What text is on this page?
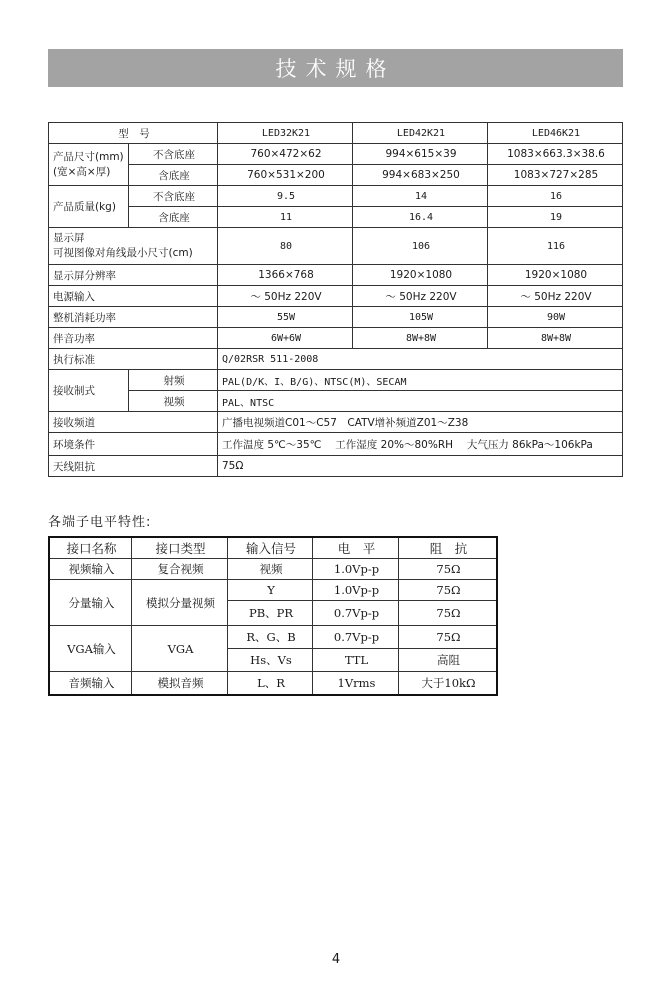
技术规格
型　号		LED32K21	LED42K21	LED46K21
产品尺寸(mm)
(宽×高×厚)	不含底座	760×472×62	994×615×39	1083×663.3×38.6
	含底座	760×531×200	994×683×250	1083×727×285
产品质量(kg)	不含底座	9.5	14	16
	含底座	11	16.4	19
显示屏
可视图像对角线最小尺寸(cm)		80	106	116
显示屏分辨率		1366×768	1920×1080	1920×1080
电源输入		～ 50Hz 220V	～ 50Hz 220V	～ 50Hz 220V
整机消耗功率		55W	105W	90W
伴音功率		6W+6W	8W+8W	8W+8W
执行标准		Q/02RSR 511-2008		
接收制式	射频	PAL(D/K、I、B/G)、NTSC(M)、SECAM		
	视频	PAL、NTSC		
接收频道		广播电视频道C01～C57　CATV增补频道Z01～Z38		
环境条件		工作温度 5℃～35℃　 工作湿度 20%～80%RH　 大气压力 86kPa～106kPa		
天线阻抗		75Ω		
各端子电平特性:
接口名称	接口类型	输入信号	电　平	阻　抗
视频输入	复合视频	视频	1.0Vp-p	75Ω
分量输入	模拟分量视频	Y	1.0Vp-p	75Ω
		PB、PR	0.7Vp-p	75Ω
VGA输入	VGA	R、G、B	0.7Vp-p	75Ω
		Hs、Vs	TTL	高阻
音频输入	模拟音频	L、R	1Vrms	大于10kΩ
4
